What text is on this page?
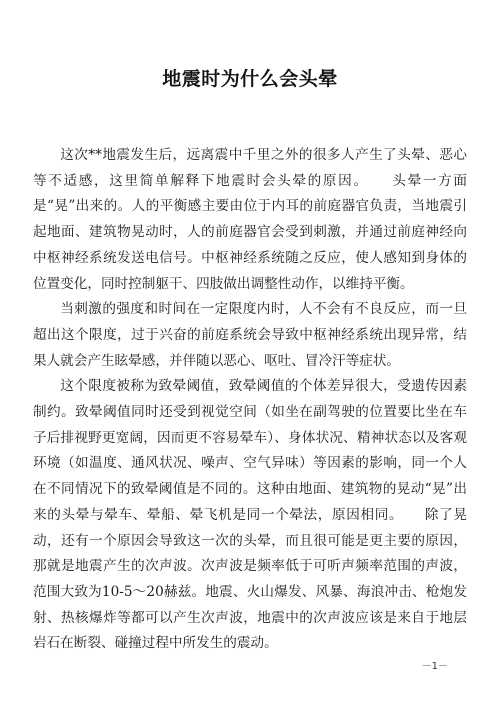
地震时为什么会头晕

这次**地震发生后，远离震中千里之外的很多人产生了头晕、恶心等不适感，这里简单解释下地震时会头晕的原因。　　头晕一方面是“晃”出来的。人的平衡感主要由位于内耳的前庭器官负责，当地震引起地面、建筑物晃动时，人的前庭器官会受到刺激，并通过前庭神经向中枢神经系统发送电信号。中枢神经系统随之反应，使人感知到身体的位置变化，同时控制躯干、四肢做出调整性动作，以维持平衡。

当刺激的强度和时间在一定限度内时，人不会有不良反应，而一旦超出这个限度，过于兴奋的前庭系统会导致中枢神经系统出现异常，结果人就会产生眩晕感，并伴随以恶心、呕吐、冒冷汗等症状。

这个限度被称为致晕阈值，致晕阈值的个体差异很大，受遗传因素制约。致晕阈值同时还受到视觉空间（如坐在副驾驶的位置要比坐在车子后排视野更宽阔，因而更不容易晕车）、身体状况、精神状态以及客观环境（如温度、通风状况、噪声、空气异味）等因素的影响，同一个人在不同情况下的致晕阈值是不同的。这种由地面、建筑物的晃动“晃”出来的头晕与晕车、晕船、晕飞机是同一个晕法，原因相同。　　除了晃动，还有一个原因会导致这一次的头晕，而且很可能是更主要的原因，那就是地震产生的次声波。次声波是频率低于可听声频率范围的声波，范围大致为10-5～20赫兹。地震、火山爆发、风暴、海浪冲击、枪炮发射、热核爆炸等都可以产生次声波，地震中的次声波应该是来自于地层岩石在断裂、碰撞过程中所发生的震动。

－1－
